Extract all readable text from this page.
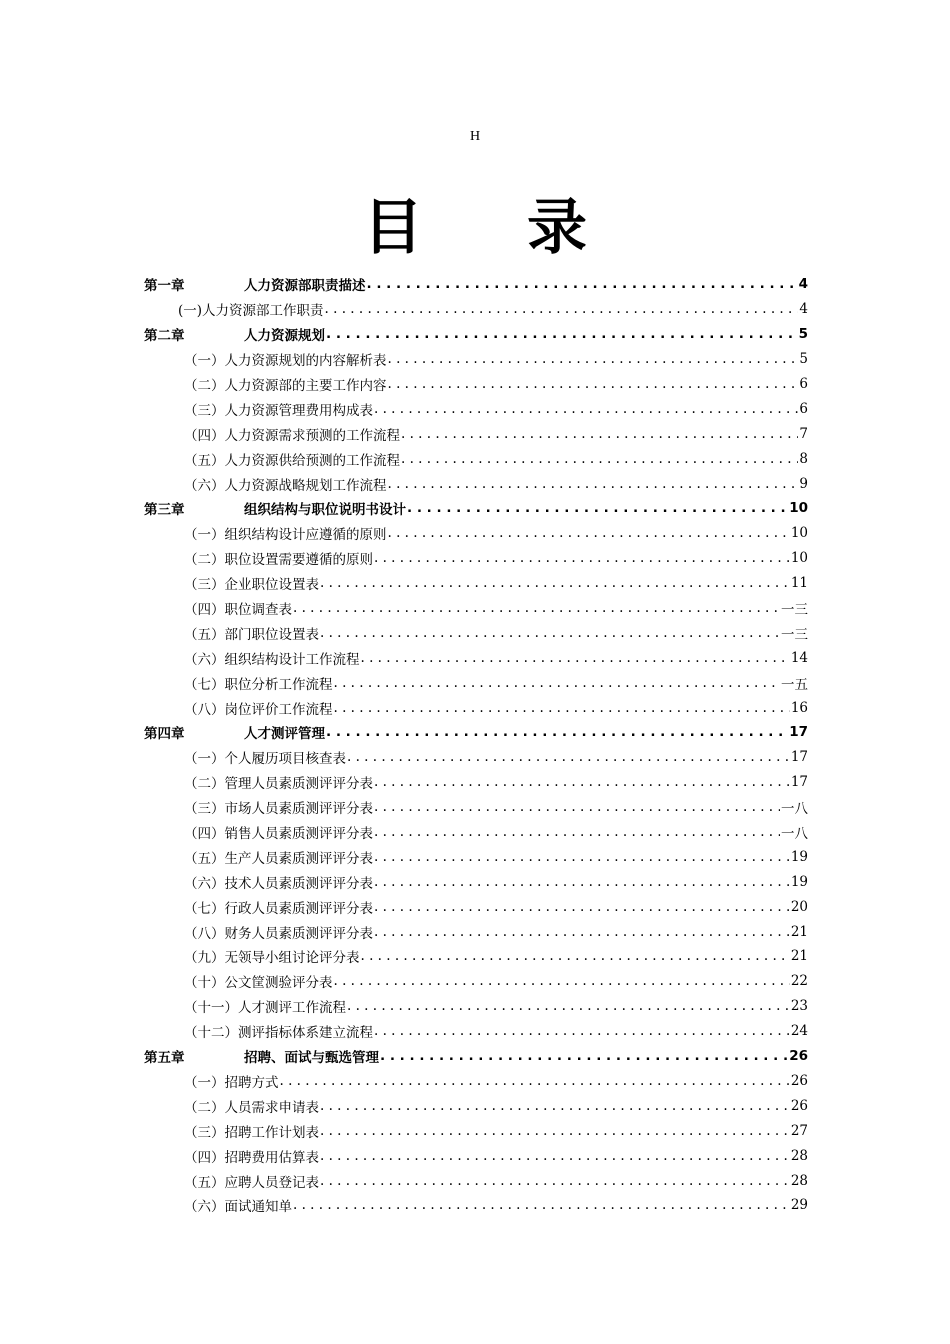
H
目 录
第一章	人力资源部职责描述 . . .	4
(一)人力资源部工作职责 . . .	4
第二章	人力资源规划 . . .	5
（一）人力资源规划的内容解析表 . . .	5
（二）人力资源部的主要工作内容 . . .	6
（三）人力资源管理费用构成表 . . .	6
（四）人力资源需求预测的工作流程 . . .	7
（五）人力资源供给预测的工作流程 . . .	8
（六）人力资源战略规划工作流程 . . .	9
第三章	组织结构与职位说明书设计 . . .	10
（一）组织结构设计应遵循的原则 . . .	10
（二）职位设置需要遵循的原则 . . .	10
（三）企业职位设置表 . . .	11
（四）职位调查表 . . .	一三
（五）部门职位设置表 . . .	一三
（六）组织结构设计工作流程 . . .	14
（七）职位分析工作流程 . . .	一五
（八）岗位评价工作流程 . . .	16
第四章	人才测评管理 . . .	17
（一）个人履历项目核查表 . . .	17
（二）管理人员素质测评评分表 . . .	17
（三）市场人员素质测评评分表 . . .	一八
（四）销售人员素质测评评分表 . . .	一八
（五）生产人员素质测评评分表 . . .	19
（六）技术人员素质测评评分表 . . .	19
（七）行政人员素质测评评分表 . . .	20
（八）财务人员素质测评评分表 . . .	21
（九）无领导小组讨论评分表 . . .	21
（十）公文筐测验评分表 . . .	22
（十一）人才测评工作流程 . . .	23
（十二）测评指标体系建立流程 . . .	24
第五章	招聘、面试与甄选管理 . . .	26
（一）招聘方式 . . .	26
（二）人员需求申请表 . . .	26
（三）招聘工作计划表 . . .	27
（四）招聘费用估算表 . . .	28
（五）应聘人员登记表 . . .	28
（六）面试通知单 . . .	29
